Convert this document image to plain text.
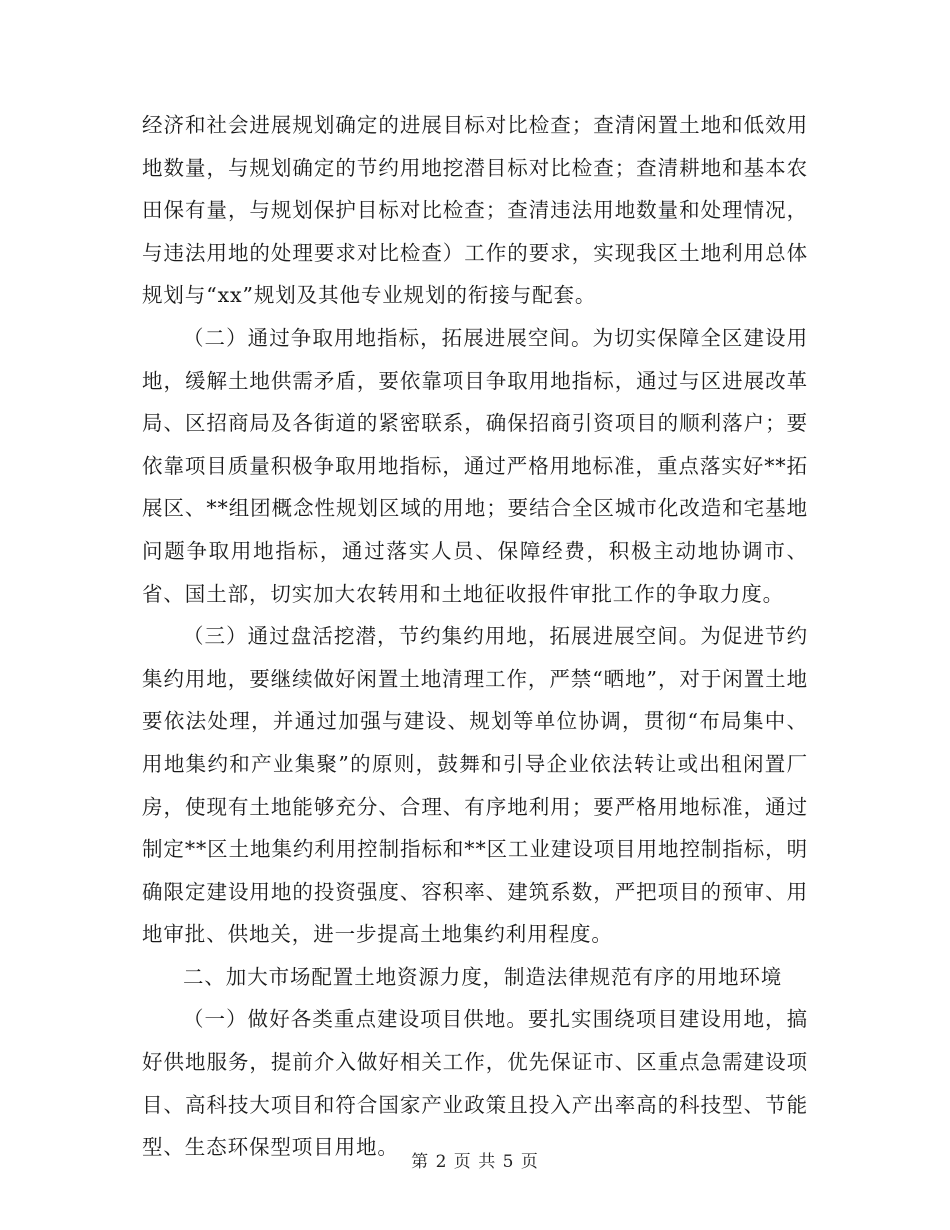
经济和社会进展规划确定的进展目标对比检查；查清闲置土地和低效用地数量，与规划确定的节约用地挖潜目标对比检查；查清耕地和基本农田保有量，与规划保护目标对比检查；查清违法用地数量和处理情况，与违法用地的处理要求对比检查）工作的要求，实现我区土地利用总体规划与“xx”规划及其他专业规划的衔接与配套。

（二）通过争取用地指标，拓展进展空间。为切实保障全区建设用地，缓解土地供需矛盾，要依靠项目争取用地指标，通过与区进展改革局、区招商局及各街道的紧密联系，确保招商引资项目的顺利落户；要依靠项目质量积极争取用地指标，通过严格用地标准，重点落实好**拓展区、**组团概念性规划区域的用地；要结合全区城市化改造和宅基地问题争取用地指标，通过落实人员、保障经费，积极主动地协调市、省、国土部，切实加大农转用和土地征收报件审批工作的争取力度。

（三）通过盘活挖潜，节约集约用地，拓展进展空间。为促进节约集约用地，要继续做好闲置土地清理工作，严禁“晒地”，对于闲置土地要依法处理，并通过加强与建设、规划等单位协调，贯彻“布局集中、用地集约和产业集聚”的原则，鼓舞和引导企业依法转让或出租闲置厂房，使现有土地能够充分、合理、有序地利用；要严格用地标准，通过制定**区土地集约利用控制指标和**区工业建设项目用地控制指标，明确限定建设用地的投资强度、容积率、建筑系数，严把项目的预审、用地审批、供地关，进一步提高土地集约利用程度。

二、加大市场配置土地资源力度，制造法律规范有序的用地环境

（一）做好各类重点建设项目供地。要扎实围绕项目建设用地，搞好供地服务，提前介入做好相关工作，优先保证市、区重点急需建设项目、高科技大项目和符合国家产业政策且投入产出率高的科技型、节能型、生态环保型项目用地。

第 2 页 共 5 页
